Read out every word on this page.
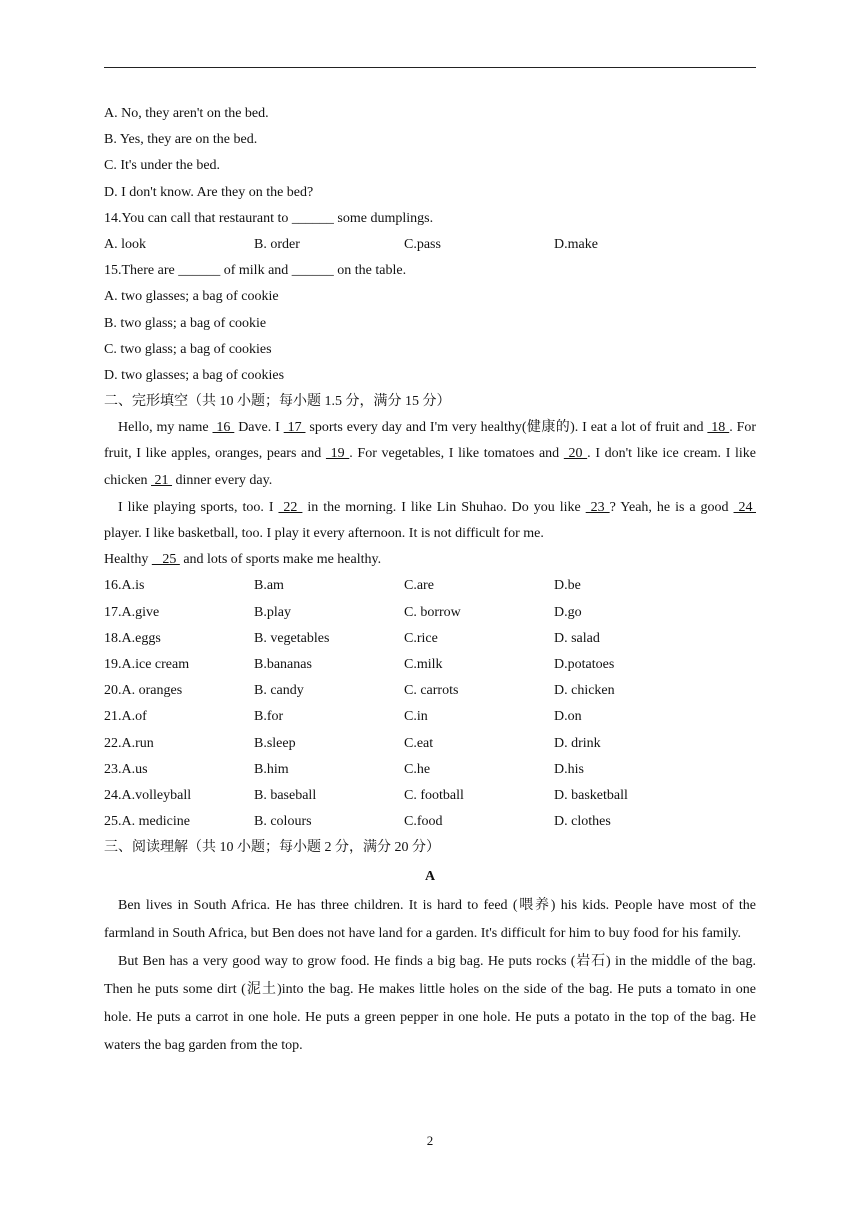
A. No, they aren't on the bed.
B. Yes, they are on the bed.
C. It's under the bed.
D. I don't know. Are they on the bed?
14.You can call that restaurant to ______ some dumplings.
A. look	B. order	C.pass	D.make
15.There are ______ of milk and ______ on the table.
A. two glasses; a bag of cookie
B. two glass; a bag of cookie
C. two glass; a bag of cookies
D. two glasses; a bag of cookies
二、完形填空（共 10 小题；每小题 1.5 分，满分 15 分）
Hello, my name  16  Dave. I  17  sports every day and I'm very healthy(健康的). I eat a lot of fruit and  18 . For fruit, I like apples, oranges, pears and  19 . For vegetables, I like tomatoes and  20 . I don't like ice cream. I like chicken  21  dinner every day.
I like playing sports, too. I  22  in the morning. I like Lin Shuhao. Do you like  23 ? Yeah, he is a good  24  player. I like basketball, too. I play it every afternoon. It is not difficult for me.
Healthy    25  and lots of sports make me healthy.
16.A.is	B.am	C.are	D.be
17.A.give	B.play	C. borrow	D.go
18.A.eggs	B. vegetables	C.rice	D. salad
19.A.ice cream	B.bananas	C.milk	D.potatoes
20.A. oranges	B. candy	C. carrots	D. chicken
21.A.of	B.for	C.in	D.on
22.A.run	B.sleep	C.eat	D. drink
23.A.us	B.him	C.he	D.his
24.A.volleyball	B. baseball	C. football	D. basketball
25.A. medicine	B. colours	C.food	D. clothes
三、阅读理解（共 10 小题；每小题 2 分，满分 20 分）
A
Ben lives in South Africa. He has three children. It is hard to feed (喂养) his kids. People have most of the farmland in South Africa, but Ben does not have land for a garden. It's difficult for him to buy food for his family.
But Ben has a very good way to grow food. He finds a big bag. He puts rocks (岩石) in the middle of the bag. Then he puts some dirt (泥土)into the bag. He makes little holes on the side of the bag. He puts a tomato in one hole. He puts a carrot in one hole. He puts a green pepper in one hole. He puts a potato in the top of the bag. He waters the bag garden from the top.
2
